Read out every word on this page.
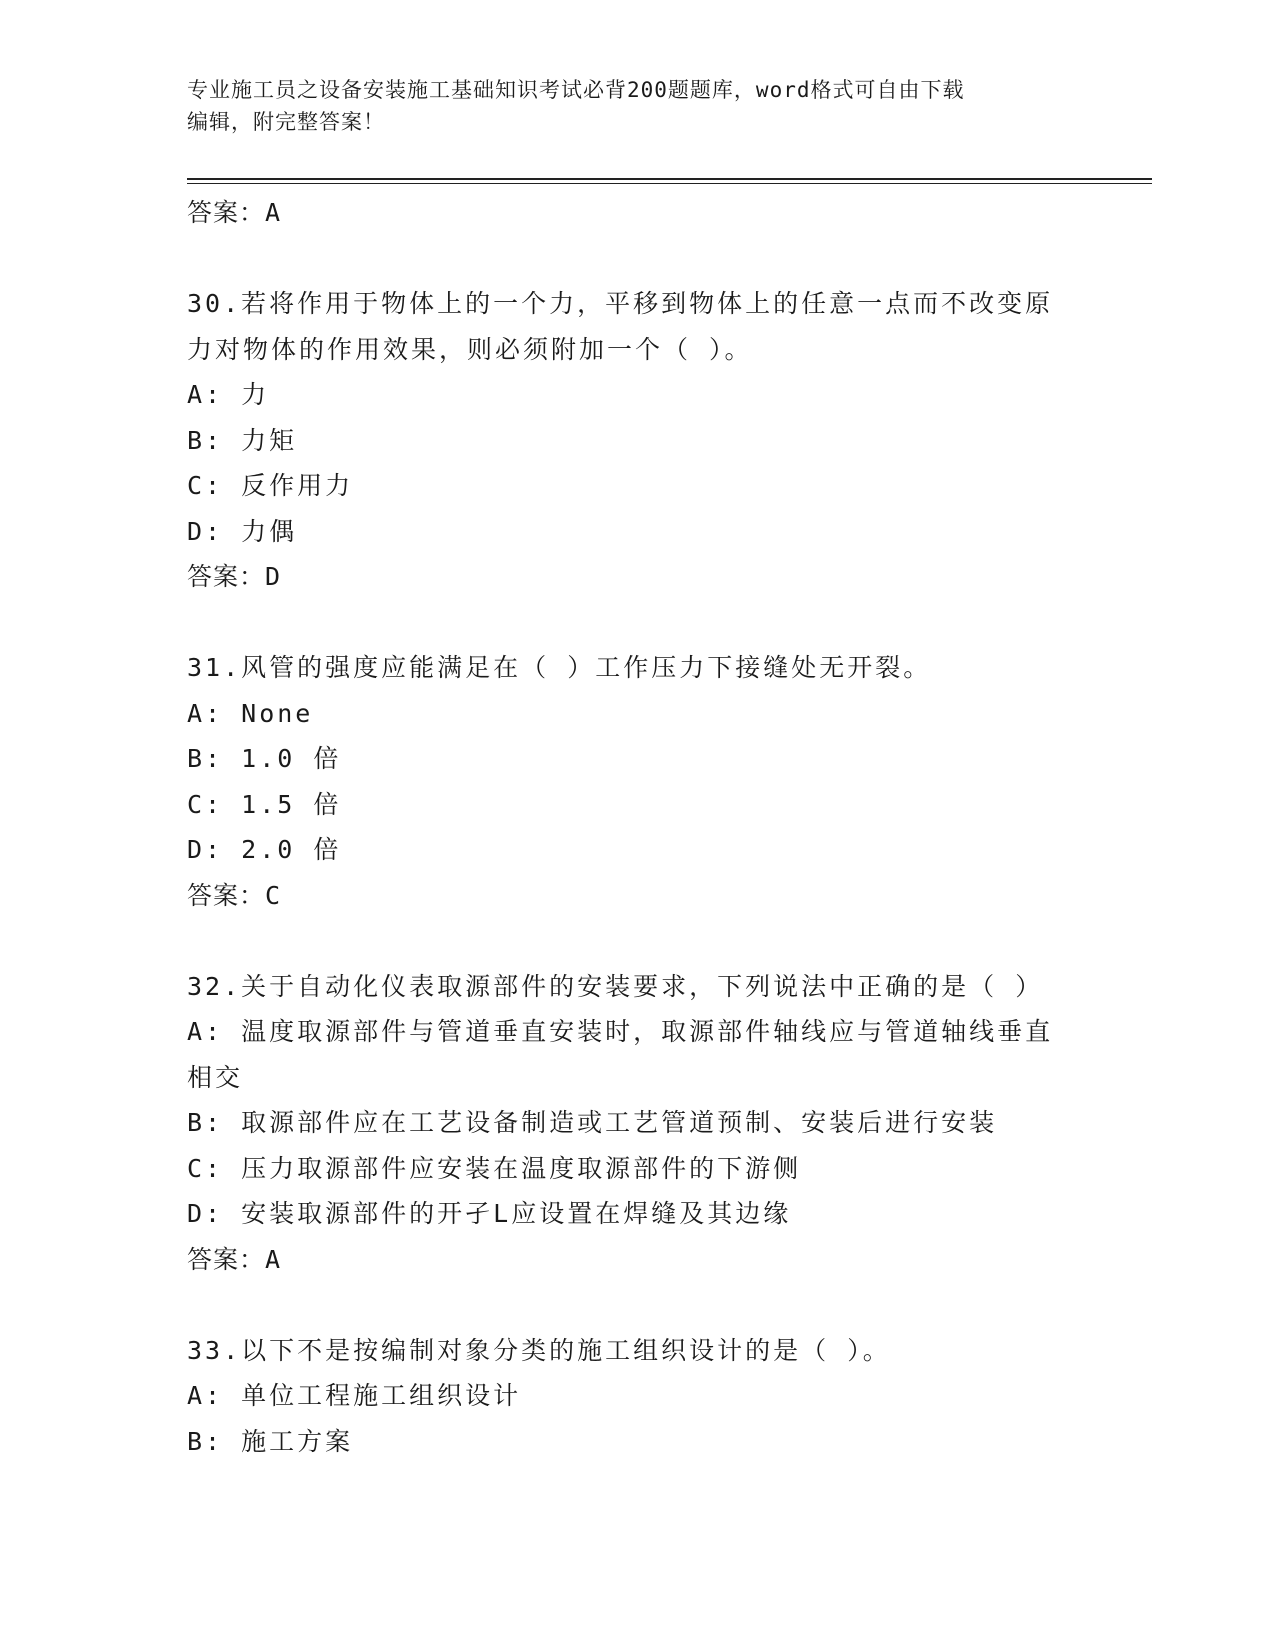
专业施工员之设备安装施工基础知识考试必背200题题库，word格式可自由下载
编辑，附完整答案！
答案：A
30.若将作用于物体上的一个力，平移到物体上的任意一点而不改变原
力对物体的作用效果，则必须附加一个（ ）。
A: 力
B: 力矩
C: 反作用力
D: 力偶
答案：D
31.风管的强度应能满足在（ ）工作压力下接缝处无开裂。
A: None
B: 1.0 倍
C: 1.5 倍
D: 2.0 倍
答案：C
32.关于自动化仪表取源部件的安装要求，下列说法中正确的是（ ）
A: 温度取源部件与管道垂直安装时，取源部件轴线应与管道轴线垂直
相交
B: 取源部件应在工艺设备制造或工艺管道预制、安装后进行安装
C: 压力取源部件应安装在温度取源部件的下游侧
D: 安装取源部件的开孑L应设置在焊缝及其边缘
答案：A
33.以下不是按编制对象分类的施工组织设计的是（ ）。
A: 单位工程施工组织设计
B: 施工方案
